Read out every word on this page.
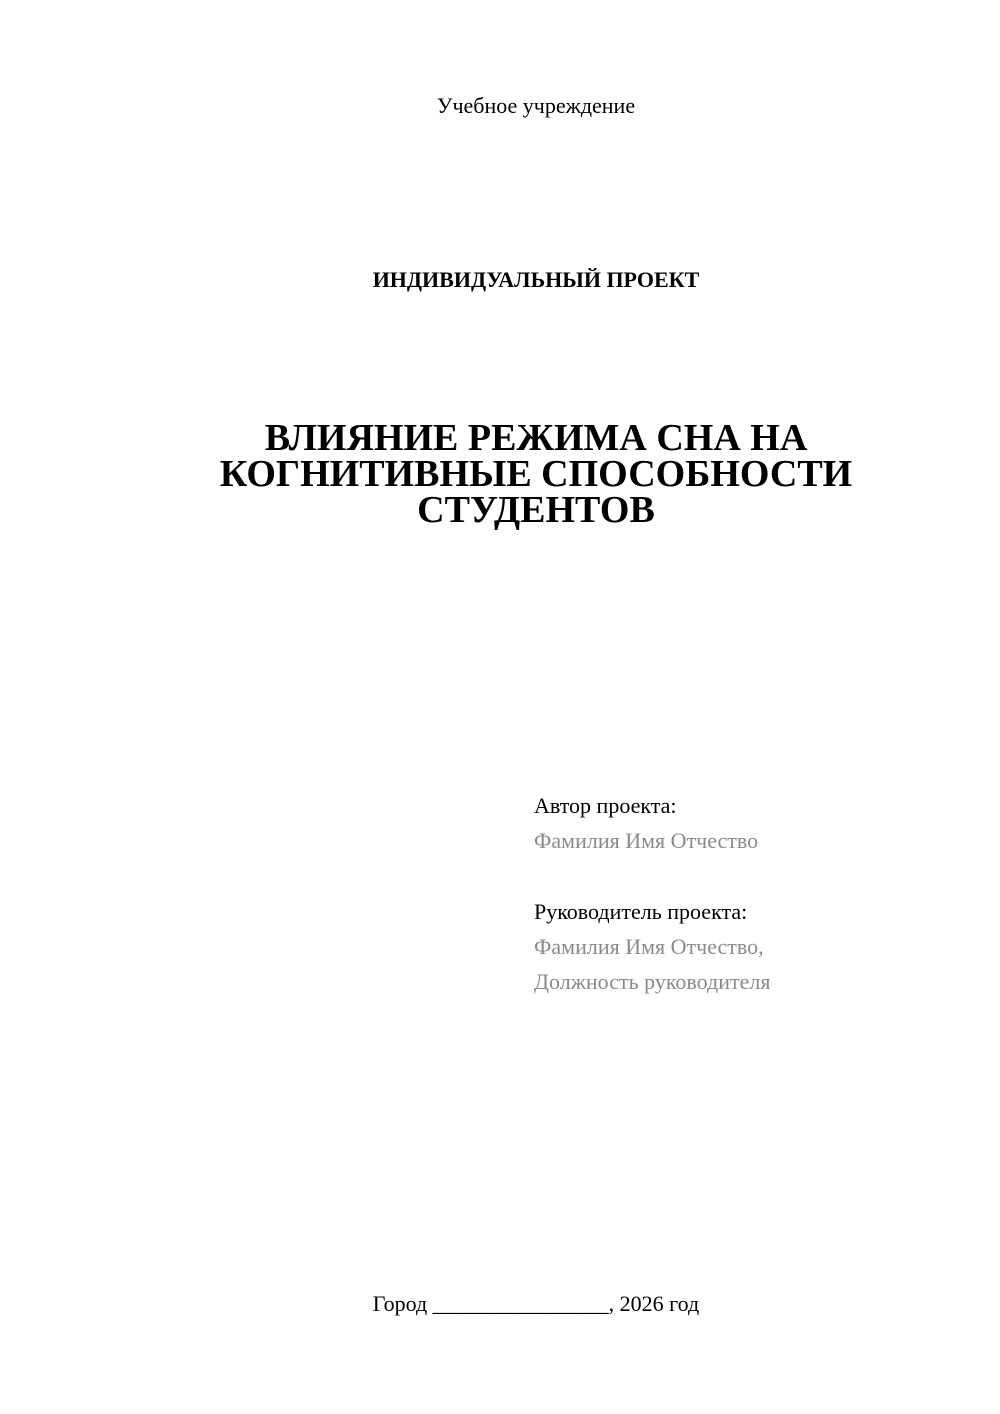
Учебное учреждение
ИНДИВИДУАЛЬНЫЙ ПРОЕКТ
ВЛИЯНИЕ РЕЖИМА СНА НА
КОГНИТИВНЫЕ СПОСОБНОСТИ
СТУДЕНТОВ
Автор проекта:
Фамилия Имя Отчество
Руководитель проекта:
Фамилия Имя Отчество,
Должность руководителя
Город ________________, 2026 год
